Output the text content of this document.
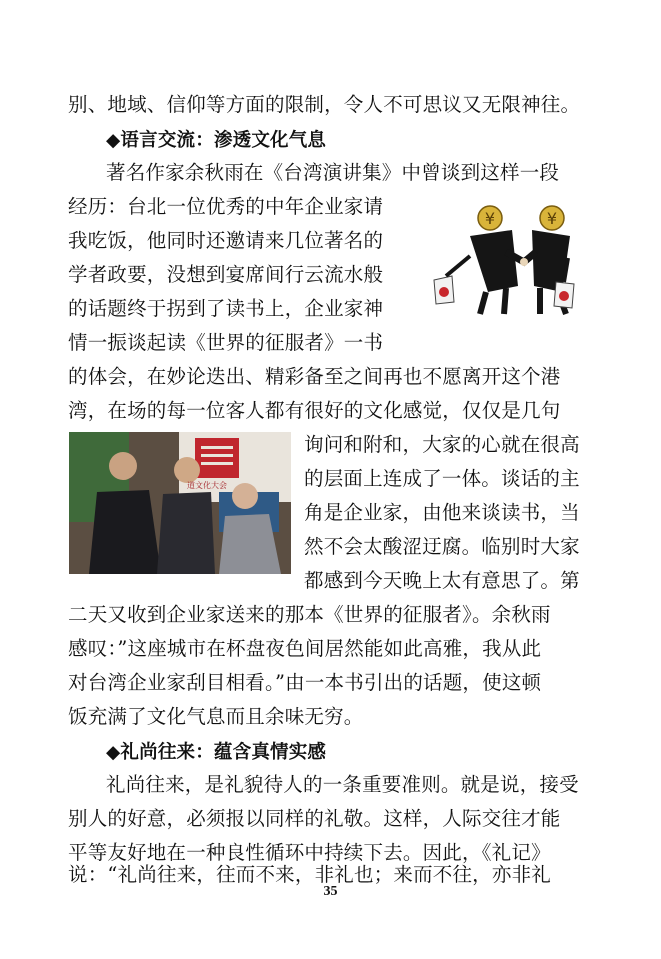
别、地域、信仰等方面的限制，令人不可思议又无限神往。
◆语言交流：渗透文化气息
著名作家余秋雨在《台湾演讲集》中曾谈到这样一段
经历：台北一位优秀的中年企业家请
我吃饭，他同时还邀请来几位著名的
学者政要，没想到宴席间行云流水般
的话题终于拐到了读书上，企业家神
情一振谈起读《世界的征服者》一书
的体会，在妙论迭出、精彩备至之间再也不愿离开这个港
湾，在场的每一位客人都有很好的文化感觉，仅仅是几句
询问和附和，大家的心就在很高
的层面上连成了一体。谈话的主
角是企业家，由他来谈读书，当
然不会太酸涩迂腐。临别时大家
都感到今天晚上太有意思了。第
二天又收到企业家送来的那本《世界的征服者》。余秋雨
感叹：”这座城市在杯盘夜色间居然能如此高雅，我从此
对台湾企业家刮目相看。”由一本书引出的话题，使这顿
饭充满了文化气息而且余味无穷。
◆礼尚往来：蕴含真情实感
礼尚往来，是礼貌待人的一条重要准则。就是说，接受
别人的好意，必须报以同样的礼敬。这样，人际交往才能
平等友好地在一种良性循环中持续下去。因此，《礼记》
说：“礼尚往来，往而不来，非礼也；来而不往，亦非礼
35
¥	¥
道文化大会
